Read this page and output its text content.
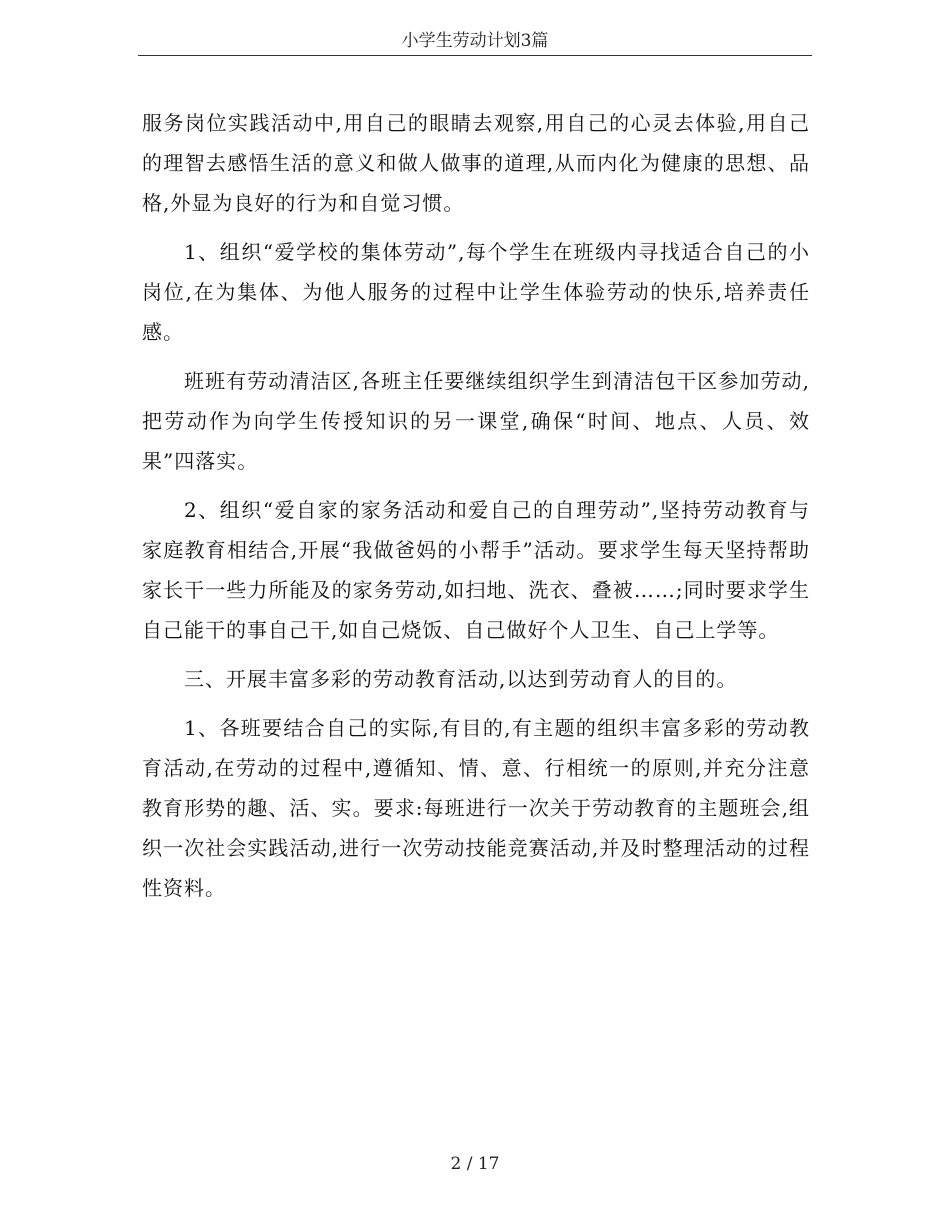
小学生劳动计划3篇

服务岗位实践活动中,用自己的眼睛去观察,用自己的心灵去体验,用自己的理智去感悟生活的意义和做人做事的道理,从而内化为健康的思想、品格,外显为良好的行为和自觉习惯。

1、组织“爱学校的集体劳动”,每个学生在班级内寻找适合自己的小岗位,在为集体、为他人服务的过程中让学生体验劳动的快乐,培养责任感。

班班有劳动清洁区,各班主任要继续组织学生到清洁包干区参加劳动,把劳动作为向学生传授知识的另一课堂,确保“时间、地点、人员、效果”四落实。

2、组织“爱自家的家务活动和爱自己的自理劳动”,坚持劳动教育与家庭教育相结合,开展“我做爸妈的小帮手”活动。要求学生每天坚持帮助家长干一些力所能及的家务劳动,如扫地、洗衣、叠被……;同时要求学生自己能干的事自己干,如自己烧饭、自己做好个人卫生、自己上学等。

三、开展丰富多彩的劳动教育活动,以达到劳动育人的目的。

1、各班要结合自己的实际,有目的,有主题的组织丰富多彩的劳动教育活动,在劳动的过程中,遵循知、情、意、行相统一的原则,并充分注意教育形势的趣、活、实。要求:每班进行一次关于劳动教育的主题班会,组织一次社会实践活动,进行一次劳动技能竞赛活动,并及时整理活动的过程性资料。

2 / 17
